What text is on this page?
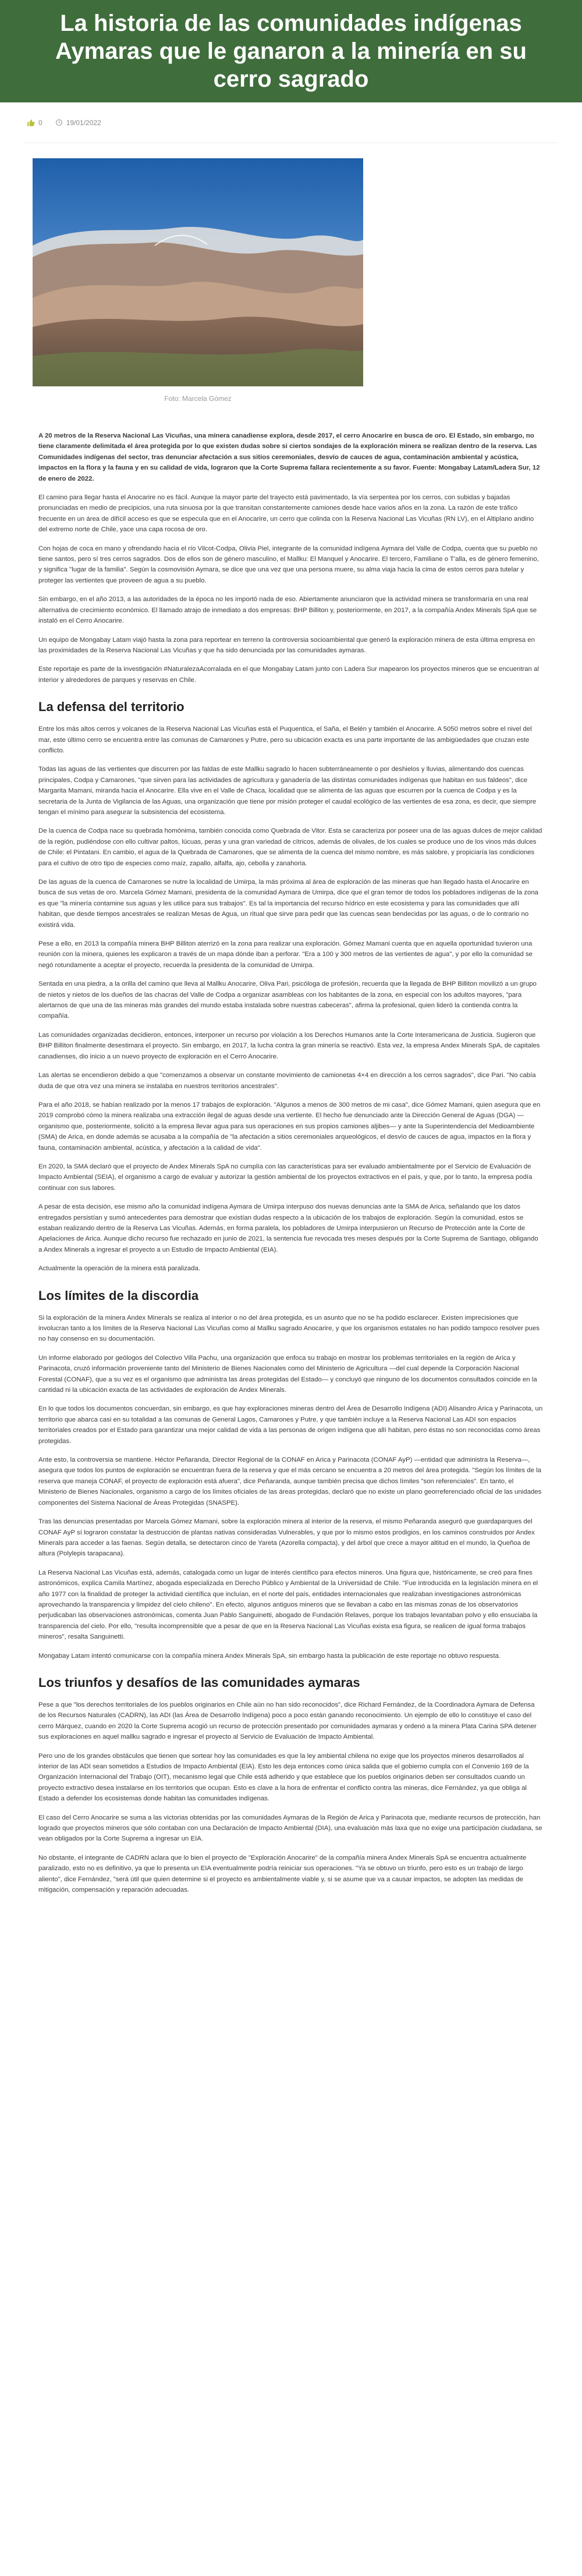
La historia de las comunidades indígenas Aymaras que le ganaron a la minería en su cerro sagrado
0	19/01/2022
Foto: Marcela Gómez

A 20 metros de la Reserva Nacional Las Vicuñas, una minera canadiense explora, desde 2017, el cerro Anocarire en busca de oro. El Estado, sin embargo, no tiene claramente delimitada el área protegida por lo que existen dudas sobre si ciertos sondajes de la exploración minera se realizan dentro de la reserva. Las Comunidades indígenas del sector, tras denunciar afectación a sus sitios ceremoniales, desvío de cauces de agua, contaminación ambiental y acústica, impactos en la flora y la fauna y en su calidad de vida, lograron que la Corte Suprema fallara recientemente a su favor. Fuente: Mongabay Latam/Ladera Sur, 12 de enero de 2022.

El camino para llegar hasta el Anocarire no es fácil. Aunque la mayor parte del trayecto está pavimentado, la vía serpentea por los cerros, con subidas y bajadas pronunciadas en medio de precipicios, una ruta sinuosa por la que transitan constantemente camiones desde hace varios años en la zona. La razón de este tráfico frecuente en un área de difícil acceso es que se especula que en el Anocarire, un cerro que colinda con la Reserva Nacional Las Vicuñas (RN LV), en el Altiplano andino del extremo norte de Chile, yace una capa rocosa de oro.

Con hojas de coca en mano y ofrendando hacia el río Vilcot-Codpa, Olivia Piel, integrante de la comunidad indígena Aymara del Valle de Codpa, cuenta que su pueblo no tiene santos, pero sí tres cerros sagrados. Dos de ellos son de género masculino, el Mallku: El Manquel y Anocarire. El tercero, Familiane o T'alla, es de género femenino, y significa "lugar de la familia". Según la cosmovisión Aymara, se dice que una vez que una persona muere, su alma viaja hacia la cima de estos cerros para tutelar y proteger las vertientes que proveen de agua a su pueblo.

Sin embargo, en el año 2013, a las autoridades de la época no les importó nada de eso. Abiertamente anunciaron que la actividad minera se transformaría en una real alternativa de crecimiento económico. El llamado atrajo de inmediato a dos empresas: BHP Billiton y, posteriormente, en 2017, a la compañía Andex Minerals SpA que se instaló en el Cerro Anocarire.

Un equipo de Mongabay Latam viajó hasta la zona para reportear en terreno la controversia socioambiental que generó la exploración minera de esta última empresa en las proximidades de la Reserva Nacional Las Vicuñas y que ha sido denunciada por las comunidades aymaras.

Este reportaje es parte de la investigación #NaturalezaAcorralada en el que Mongabay Latam junto con Ladera Sur mapearon los proyectos mineros que se encuentran al interior y alrededores de parques y reservas en Chile.

La defensa del territorio

Entre los más altos cerros y volcanes de la Reserva Nacional Las Vicuñas está el Puquentica, el Saña, el Belén y también el Anocarire. A 5050 metros sobre el nivel del mar, este último cerro se encuentra entre las comunas de Camarones y Putre, pero su ubicación exacta es una parte importante de las ambigüedades que cruzan este conflicto.

Todas las aguas de las vertientes que discurren por las faldas de este Mallku sagrado lo hacen subterráneamente o por deshielos y lluvias, alimentando dos cuencas principales, Codpa y Camarones, "que sirven para las actividades de agricultura y ganadería de las distintas comunidades indígenas que habitan en sus faldeos", dice Margarita Mamani, miranda hacia el Anocarire. Ella vive en el Valle de Chaca, localidad que se alimenta de las aguas que escurren por la cuenca de Codpa y es la secretaria de la Junta de Vigilancia de las Aguas, una organización que tiene por misión proteger el caudal ecológico de las vertientes de esa zona, es decir, que siempre tengan el mínimo para asegurar la subsistencia del ecosistema.

De la cuenca de Codpa nace su quebrada homónima, también conocida como Quebrada de Vitor. Esta se caracteriza por poseer una de las aguas dulces de mejor calidad de la región, pudiéndose con ello cultivar paltos, lúcuas, peras y una gran variedad de cítricos, además de olivales, de los cuales se produce uno de los vinos más dulces de Chile: el Pintatani. En cambio, el agua de la Quebrada de Camarones, que se alimenta de la cuenca del mismo nombre, es más salobre, y propiciaría las condiciones para el cultivo de otro tipo de especies como maíz, zapallo, alfalfa, ajo, cebolla y zanahoria.

De las aguas de la cuenca de Camarones se nutre la localidad de Umirpa, la más próxima al área de exploración de las mineras que han llegado hasta el Anocarire en busca de sus vetas de oro. Marcela Gómez Mamani, presidenta de la comunidad Aymara de Umirpa, dice que el gran temor de todos los pobladores indígenas de la zona es que "la minería contamine sus aguas y les utilice para sus trabajos". Es tal la importancia del recurso hídrico en este ecosistema y para las comunidades que allí habitan, que desde tiempos ancestrales se realizan Mesas de Agua, un ritual que sirve para pedir que las cuencas sean bendecidas por las aguas, o de lo contrario no existirá vida.

Pese a ello, en 2013 la compañía minera BHP Billiton aterrizó en la zona para realizar una exploración. Gómez Mamani cuenta que en aquella oportunidad tuvieron una reunión con la minera, quienes les explicaron a través de un mapa dónde iban a perforar. "Era a 100 y 300 metros de las vertientes de agua", y por ello la comunidad se negó rotundamente a aceptar el proyecto, recuerda la presidenta de la comunidad de Umirpa.

Sentada en una piedra, a la orilla del camino que lleva al Mallku Anocarire, Oliva Pari, psicóloga de profesión, recuerda que la llegada de BHP Billiton movilizó a un grupo de nietos y nietos de los dueños de las chacras del Valle de Codpa a organizar asambleas con los habitantes de la zona, en especial con los adultos mayores, "para alertarnos de que una de las mineras más grandes del mundo estaba instalada sobre nuestras cabeceras", afirma la profesional, quien lideró la contienda contra la compañía.

Las comunidades organizadas decidieron, entonces, interponer un recurso por violación a los Derechos Humanos ante la Corte Interamericana de Justicia. Sugieron que BHP Billiton finalmente desestimara el proyecto. Sin embargo, en 2017, la lucha contra la gran minería se reactivó. Esta vez, la empresa Andex Minerals SpA, de capitales canadienses, dio inicio a un nuevo proyecto de exploración en el Cerro Anocarire.

Las alertas se encendieron debido a que "comenzamos a observar un constante movimiento de camionetas 4×4 en dirección a los cerros sagrados", dice Pari. "No cabía duda de que otra vez una minera se instalaba en nuestros territorios ancestrales".

Para el año 2018, se habían realizado por la menos 17 trabajos de exploración. "Algunos a menos de 300 metros de mi casa", dice Gómez Mamani, quien asegura que en 2019 comprobó cómo la minera realizaba una extracción ilegal de aguas desde una vertiente. El hecho fue denunciado ante la Dirección General de Aguas (DGA) —organismo que, posteriormente, solicitó a la empresa llevar agua para sus operaciones en sus propios camiones aljibes— y ante la Superintendencia del Medioambiente (SMA) de Arica, en donde además se acusaba a la compañía de "la afectación a sitios ceremoniales arqueológicos, el desvío de cauces de agua, impactos en la flora y fauna, contaminación ambiental, acústica, y afectación a la calidad de vida".

En 2020, la SMA declaró que el proyecto de Andex Minerals SpA no cumplía con las características para ser evaluado ambientalmente por el Servicio de Evaluación de Impacto Ambiental (SEIA), el organismo a cargo de evaluar y autorizar la gestión ambiental de los proyectos extractivos en el país, y que, por lo tanto, la empresa podía continuar con sus labores.

A pesar de esta decisión, ese mismo año la comunidad indígena Aymara de Umirpa interpuso dos nuevas denuncias ante la SMA de Arica, señalando que los datos entregados persistían y sumó antecedentes para demostrar que existían dudas respecto a la ubicación de los trabajos de exploración. Según la comunidad, estos se estaban realizando dentro de la Reserva Las Vicuñas. Además, en forma paralela, los pobladores de Umirpa interpusieron un Recurso de Protección ante la Corte de Apelaciones de Arica. Aunque dicho recurso fue rechazado en junio de 2021, la sentencia fue revocada tres meses después por la Corte Suprema de Santiago, obligando a Andex Minerals a ingresar el proyecto a un Estudio de Impacto Ambiental (EIA).

Actualmente la operación de la minera está paralizada.

Los límites de la discordia

Si la exploración de la minera Andex Minerals se realiza al interior o no del área protegida, es un asunto que no se ha podido esclarecer. Existen imprecisiones que involucran tanto a los límites de la Reserva Nacional Las Vicuñas como al Mallku sagrado Anocarire, y que los organismos estatales no han podido tampoco resolver pues no hay consenso en su documentación.

Un informe elaborado por geólogos del Colectivo Villa Pachu, una organización que enfoca su trabajo en mostrar los problemas territoriales en la región de Arica y Parinacota, cruzó información proveniente tanto del Ministerio de Bienes Nacionales como del Ministerio de Agricultura —del cual depende la Corporación Nacional Forestal (CONAF), que a su vez es el organismo que administra las áreas protegidas del Estado— y concluyó que ninguno de los documentos consultados coincide en la cantidad ni la ubicación exacta de las actividades de exploración de Andex Minerals.

En lo que todos los documentos concuerdan, sin embargo, es que hay exploraciones mineras dentro del Área de Desarrollo Indígena (ADI) Alisandro Arica y Parinacota, un territorio que abarca casi en su totalidad a las comunas de General Lagos, Camarones y Putre, y que también incluye a la Reserva Nacional Las ADI son espacios territoriales creados por el Estado para garantizar una mejor calidad de vida a las personas de origen indígena que allí habitan, pero éstas no son reconocidas como áreas protegidas.

Ante esto, la controversia se mantiene. Héctor Peñaranda, Director Regional de la CONAF en Arica y Parinacota (CONAF AyP) —entidad que administra la Reserva—, asegura que todos los puntos de exploración se encuentran fuera de la reserva y que el más cercano se encuentra a 20 metros del área protegida. "Según los límites de la reserva que maneja CONAF, el proyecto de exploración está afuera", dice Peñaranda, aunque también precisa que dichos límites "son referenciales". En tanto, el Ministerio de Bienes Nacionales, organismo a cargo de los límites oficiales de las áreas protegidas, declaró que no existe un plano georreferenciado oficial de las unidades componentes del Sistema Nacional de Áreas Protegidas (SNASPE).

Tras las denuncias presentadas por Marcela Gómez Mamani, sobre la exploración minera al interior de la reserva, el mismo Peñaranda aseguró que guardaparques del CONAF AyP sí lograron constatar la destrucción de plantas nativas consideradas Vulnerables, y que por lo mismo estos prodigios, en los caminos construidos por Andex Minerals para acceder a las faenas. Según detalla, se detectaron cinco de Yareta (Azorella compacta), y del árbol que crece a mayor altitud en el mundo, la Queñoa de altura (Polylepis tarapacana).

La Reserva Nacional Las Vicuñas está, además, catalogada como un lugar de interés científico para efectos mineros. Una figura que, históricamente, se creó para fines astronómicos, explica Camila Martínez, abogada especializada en Derecho Público y Ambiental de la Universidad de Chile. "Fue introducida en la legislación minera en el año 1977 con la finalidad de proteger la actividad científica que incluían, en el norte del país, entidades internacionales que realizaban investigaciones astronómicas aprovechando la transparencia y limpidez del cielo chileno". En efecto, algunos antiguos mineros que se llevaban a cabo en las mismas zonas de los observatorios perjudicaban las observaciones astronómicas, comenta Juan Pablo Sanguinetti, abogado de Fundación Relaves, porque los trabajos levantaban polvo y ello ensuciaba la transparencia del cielo. Por ello, "resulta incomprensible que a pesar de que en la Reserva Nacional Las Vicuñas exista esa figura, se realicen de igual forma trabajos mineros", resalta Sanguinetti.

Mongabay Latam intentó comunicarse con la compañía minera Andex Minerals SpA, sin embargo hasta la publicación de este reportaje no obtuvo respuesta.

Los triunfos y desafíos de las comunidades aymaras

Pese a que "los derechos territoriales de los pueblos originarios en Chile aún no han sido reconocidos", dice Richard Fernández, de la Coordinadora Aymara de Defensa de los Recursos Naturales (CADRN), las ADI (las Área de Desarrollo Indígena) poco a poco están ganando reconocimiento. Un ejemplo de ello lo constituye el caso del cerro Márquez, cuando en 2020 la Corte Suprema acogió un recurso de protección presentado por comunidades aymaras y ordenó a la minera Plata Carina SPA detener sus exploraciones en aquel mallku sagrado e ingresar el proyecto al Servicio de Evaluación de Impacto Ambiental.

Pero uno de los grandes obstáculos que tienen que sortear hoy las comunidades es que la ley ambiental chilena no exige que los proyectos mineros desarrollados al interior de las ADI sean sometidos a Estudios de Impacto Ambiental (EIA). Esto les deja entonces como única salida que el gobierno cumpla con el Convenio 169 de la Organización Internacional del Trabajo (OIT), mecanismo legal que Chile está adherido y que establece que los pueblos originarios deben ser consultados cuando un proyecto extractivo desea instalarse en los territorios que ocupan. Esto es clave a la hora de enfrentar el conflicto contra las mineras, dice Fernández, ya que obliga al Estado a defender los ecosistemas donde habitan las comunidades indígenas.

El caso del Cerro Anocarire se suma a las victorias obtenidas por las comunidades Aymaras de la Región de Arica y Parinacota que, mediante recursos de protección, han logrado que proyectos mineros que sólo contaban con una Declaración de Impacto Ambiental (DIA), una evaluación más laxa que no exige una participación ciudadana, se vean obligados por la Corte Suprema a ingresar un EIA.

No obstante, el integrante de CADRN aclara que lo bien el proyecto de "Exploración Anocarire" de la compañía minera Andex Minerals SpA se encuentra actualmente paralizado, esto no es definitivo, ya que lo presenta un EIA eventualmente podría reiniciar sus operaciones. "Ya se obtuvo un triunfo, pero esto es un trabajo de largo aliento", dice Fernández, "será útil que quien determine si el proyecto es ambientalmente viable y, si se asume que va a causar impactos, se adopten las medidas de mitigación, compensación y reparación adecuadas.
